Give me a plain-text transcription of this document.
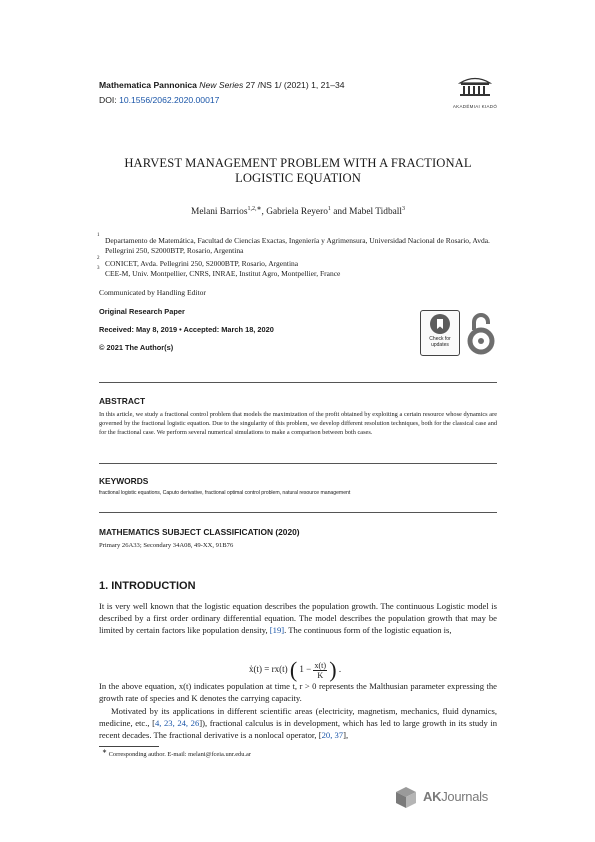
Mathematica Pannonica New Series 27 /NS 1/ (2021) 1, 21–34
DOI: 10.1556/2062.2020.00017
AKADÉMIAI KIADÓ
HARVEST MANAGEMENT PROBLEM WITH A FRACTIONAL LOGISTIC EQUATION
Melani Barrios$^{1,2,∗}$, Gabriela Reyero$^1$ and Mabel Tidball$^3$
1
Departamento de Matemática, Facultad de Ciencias Exactas, Ingeniería y Agrimensura, Universidad Nacional de Rosario, Avda. Pellegrini 250, S2000BTP, Rosario, Argentina
2
CONICET, Avda. Pellegrini 250, S2000BTP, Rosario, Argentina
3
CEE-M, Univ. Montpellier, CNRS, INRAE, Institut Agro, Montpellier, France
Communicated by Handling Editor
Original Research Paper
Received: May 8, 2019 • Accepted: March 18, 2020
© 2021 The Author(s)
Check for updates
ABSTRACT
In this article, we study a fractional control problem that models the maximization of the profit obtained by exploiting a certain resource whose dynamics are governed by the fractional logistic equation. Due to the singularity of this problem, we develop different resolution techniques, both for the classical case and for the fractional case. We perform several numerical simulations to make a comparison between both cases.
KEYWORDS
fractional logistic equations, Caputo derivative, fractional optimal control problem, natural resource management
MATHEMATICS SUBJECT CLASSIFICATION (2020)
Primary 26A33; Secondary 34A08, 49-XX, 91B76
1. INTRODUCTION
It is very well known that the logistic equation describes the population growth. The continuous Logistic model is described by a first order ordinary differential equation. The model describes the population growth that may be limited by certain factors like population density, [19]. The continuous form of the logistic equation is,
ẋ(t) = rx(t) ( $1 - \frac{x(t)}{K}$ ) .
In the above equation, x(t) indicates population at time t, r > 0 represents the Malthusian parameter expressing the growth rate of species and K denotes the carrying capacity.
Motivated by its applications in different scientific areas (electricity, magnetism, mechanics, fluid dynamics, medicine, etc., [4, 23, 24, 26]), fractional calculus is in development, which has led to large growth in its study in recent decades. The fractional derivative is a nonlocal operator, [20, 37],
∗ Corresponding author. E-mail: melani@fceia.unr.edu.ar
AKJournals
